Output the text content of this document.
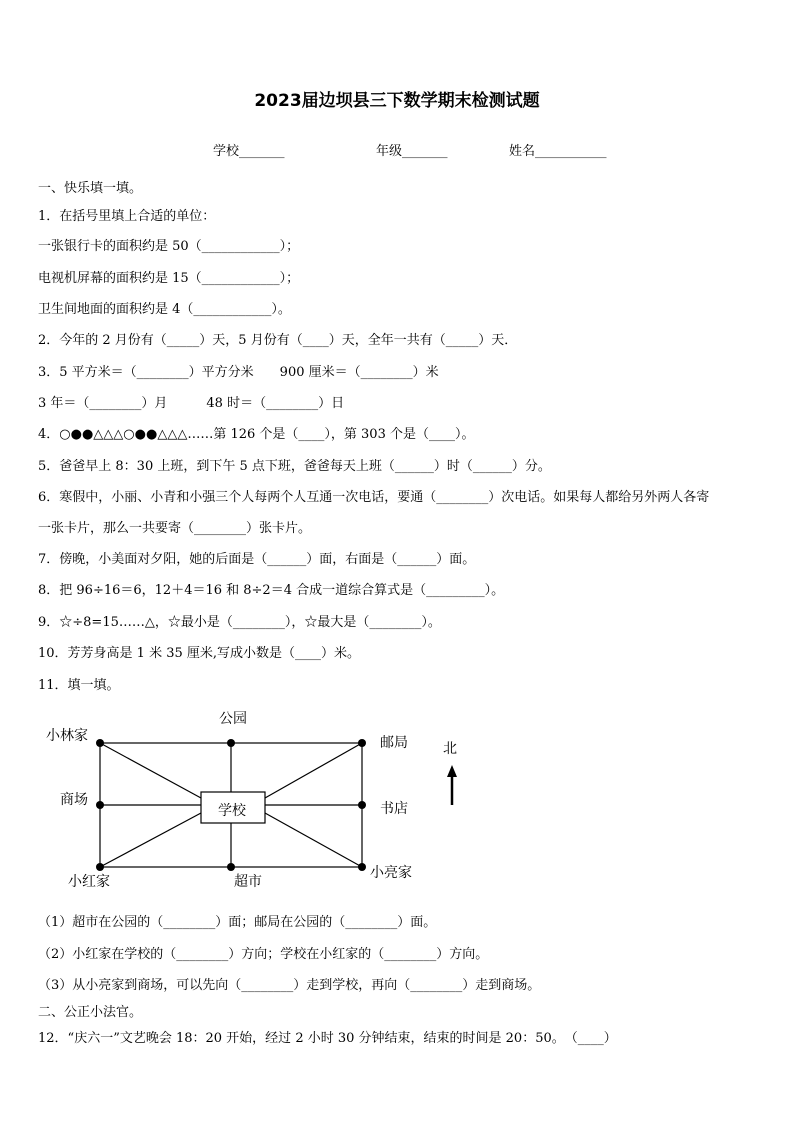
2023届边坝县三下数学期末检测试题
学校_______	年级_______	姓名___________
一、快乐填一填。
1．在括号里填上合适的单位：
一张银行卡的面积约是 50（____________）；
电视机屏幕的面积约是 15（____________）；
卫生间地面的面积约是 4（____________）。
2．今年的 2 月份有（_____）天，5 月份有（____）天，全年一共有（_____）天．
3．5 平方米＝（________）平方分米　　900 厘米＝（________）米
3 年＝（________）月　　　48 时＝（________）日
4．○●●△△△○●●△△△……第 126 个是（____），第 303 个是（____）。
5．爸爸早上 8：30 上班，到下午 5 点下班，爸爸每天上班（______）时（______）分。
6．寒假中，小丽、小青和小强三个人每两个人互通一次电话，要通（________）次电话。如果每人都给另外两人各寄
一张卡片，那么一共要寄（________）张卡片。
7．傍晚，小美面对夕阳，她的后面是（______）面，右面是（______）面。
8．把 96÷16＝6，12＋4＝16 和 8÷2＝4 合成一道综合算式是（_________）。
9．☆÷8=15……△，☆最小是（________），☆最大是（________）。
10．芳芳身高是 1 米 35 厘米,写成小数是（____）米。
11．填一填。
小林家
公园
邮局
商场
学校	书店
小红家	超市
小亮家
北
（1）超市在公园的（________）面；邮局在公园的（________）面。
（2）小红家在学校的（________）方向；学校在小红家的（________）方向。
（3）从小亮家到商场，可以先向（________）走到学校，再向（________）走到商场。
二、公正小法官。
12．“庆六一”文艺晚会 18：20 开始，经过 2 小时 30 分钟结束，结束的时间是 20：50。　（____）
